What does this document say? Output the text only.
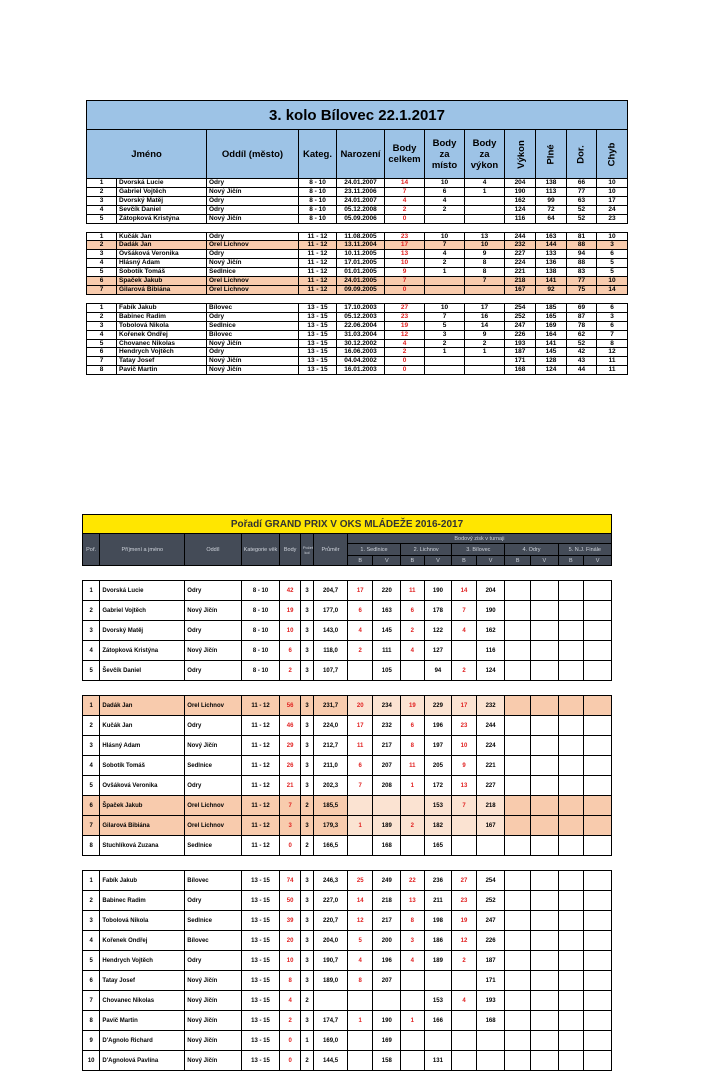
3. kolo Bílovec 22.1.2017											
Jméno		Oddíl (město)	Kateg.	Narození	Body celkem	Body za místo	Body za výkon	Výkon	Plné	Dor.	Chyb
1	Dvorská Lucie	Odry	8 - 10	24.01.2007	14	10	4	204	138	66	10
2	Gabriel Vojtěch	Nový Jičín	8 - 10	23.11.2006	7	6	1	190	113	77	10
3	Dvorský Matěj	Odry	8 - 10	24.01.2007	4	4		162	99	63	17
4	Ševčík Daniel	Odry	8 - 10	05.12.2008	2	2		124	72	52	24
5	Zátopková Kristýna	Nový Jičín	8 - 10	05.09.2006	0			116	64	52	23

1	Kučák Jan	Odry	11 - 12	11.08.2005	23	10	13	244	163	81	10
2	Dadák Jan	Orel Lichnov	11 - 12	13.11.2004	17	7	10	232	144	88	3
3	Ovšáková Veronika	Odry	11 - 12	10.11.2005	13	4	9	227	133	94	6
4	Hlásný Adam	Nový Jičín	11 - 12	17.01.2005	10	2	8	224	136	88	5
5	Sobotík Tomáš	Sedlnice	11 - 12	01.01.2005	9	1	8	221	138	83	5
6	Špaček Jakub	Orel Lichnov	11 - 12	24.01.2005	7		7	218	141	77	10
7	Gilarová Bibiána	Orel Lichnov	11 - 12	09.09.2005	0			167	92	75	14

1	Fabík Jakub	Bílovec	13 - 15	17.10.2003	27	10	17	254	185	69	6
2	Babinec Radim	Odry	13 - 15	05.12.2003	23	7	16	252	165	87	3
3	Tobolová Nikola	Sedlnice	13 - 15	22.06.2004	19	5	14	247	169	78	6
4	Kořenek Ondřej	Bílovec	13 - 15	31.03.2004	12	3	9	226	164	62	7
5	Chovanec Nikolas	Nový Jičín	13 - 15	30.12.2002	4	2	2	193	141	52	8
6	Hendrych Vojtěch	Odry	13 - 15	16.06.2003	2	1	1	187	145	42	12
7	Tatay Josef	Nový Jičín	13 - 15	04.04.2002	0			171	128	43	11
8	Pavič Martin	Nový Jičín	13 - 15	16.01.2003	0			168	124	44	11
Pořadí GRAND PRIX V OKS MLÁDEŽE 2016-2017																
Poř.	Příjmení a jméno	Oddíl	Kategorie věk	Body	Počet kol	Průměr	Bodový zisk v turnaji									
							1. Sedlnice		2. Lichnov		3. Bílovec		4. Odry		5. N.J. Finále	
							B	V	B	V	B	V	B	V	B	V

1	Dvorská Lucie	Odry	8 - 10	42	3	204,7	17	220	11	190	14	204				
2	Gabriel Vojtěch	Nový Jičín	8 - 10	19	3	177,0	6	163	6	178	7	190				
3	Dvorský Matěj	Odry	8 - 10	10	3	143,0	4	145	2	122	4	162				
4	Zátopková Kristýna	Nový Jičín	8 - 10	6	3	118,0	2	111	4	127		116				
5	Ševčík Daniel	Odry	8 - 10	2	3	107,7		105		94	2	124				

1	Dadák Jan	Orel Lichnov	11 - 12	56	3	231,7	20	234	19	229	17	232				
2	Kučák Jan	Odry	11 - 12	46	3	224,0	17	232	6	196	23	244				
3	Hlásný Adam	Nový Jičín	11 - 12	29	3	212,7	11	217	8	197	10	224				
4	Sobotík Tomáš	Sedlnice	11 - 12	26	3	211,0	6	207	11	205	9	221				
5	Ovšáková Veronika	Odry	11 - 12	21	3	202,3	7	208	1	172	13	227				
6	Špaček Jakub	Orel Lichnov	11 - 12	7	2	185,5				153	7	218				
7	Gilarová Bibiána	Orel Lichnov	11 - 12	3	3	179,3	1	189	2	182		167				
8	Stuchlíková Zuzana	Sedlnice	11 - 12	0	2	166,5		168		165						

1	Fabík Jakub	Bílovec	13 - 15	74	3	246,3	25	249	22	236	27	254				
2	Babinec Radim	Odry	13 - 15	50	3	227,0	14	218	13	211	23	252				
3	Tobolová Nikola	Sedlnice	13 - 15	39	3	220,7	12	217	8	198	19	247				
4	Kořenek Ondřej	Bílovec	13 - 15	20	3	204,0	5	200	3	186	12	226				
5	Hendrych Vojtěch	Odry	13 - 15	10	3	190,7	4	196	4	189	2	187				
6	Tatay Josef	Nový Jičín	13 - 15	8	3	189,0	8	207				171				
7	Chovanec Nikolas	Nový Jičín	13 - 15	4	2					153	4	193				
8	Pavič Martin	Nový Jičín	13 - 15	2	3	174,7	1	190	1	166		168				
9	D'Agnolo Richard	Nový Jičín	13 - 15	0	1	169,0		169								
10	D'Agnolová Pavlína	Nový Jičín	13 - 15	0	2	144,5		158		131						
